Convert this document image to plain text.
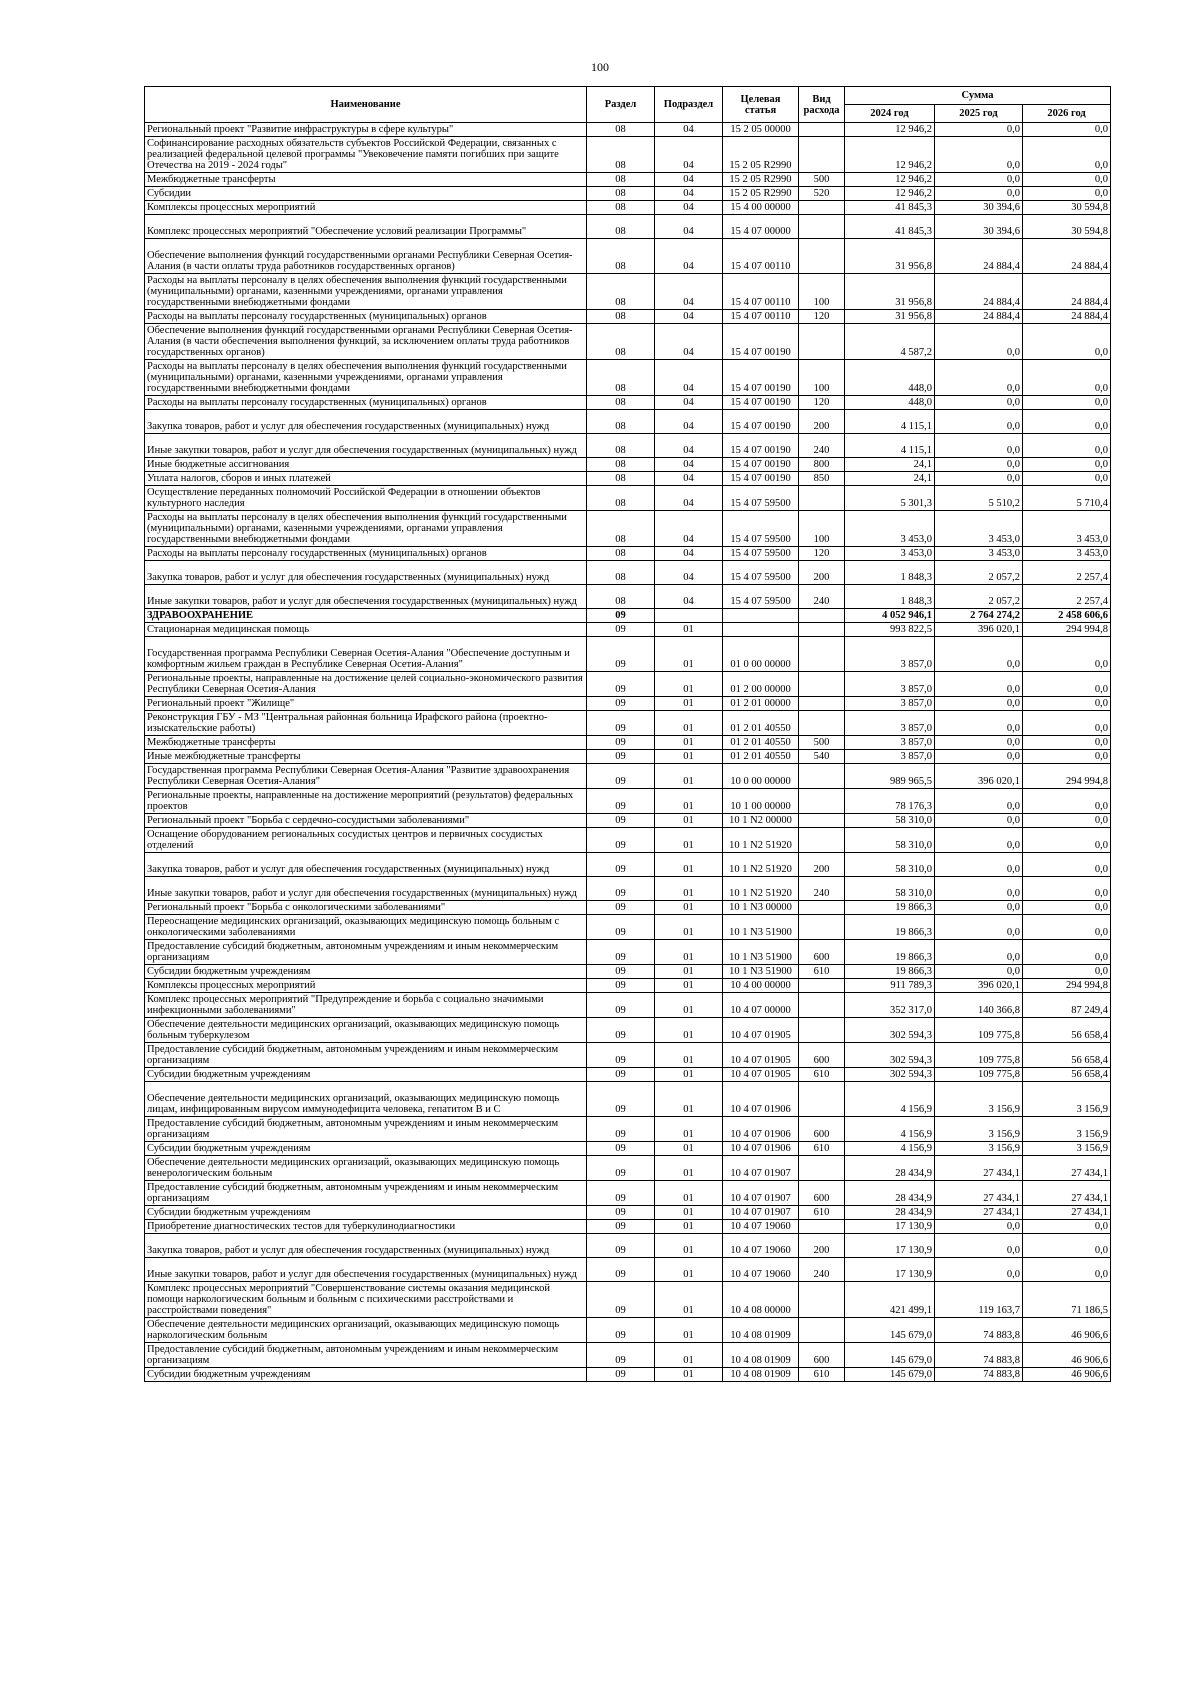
100
Наименование	Раздел	Подраздел	Целевая статья	Вид расхода	Сумма		
					2024 год	2025 год	2026 год
Региональный проект "Развитие инфраструктуры в сфере культуры"	08	04	15 2 05 00000		12 946,2	0,0	0,0
Софинансирование расходных обязательств субъектов Российской Федерации, связанных с реализацией федеральной целевой программы "Увековечение памяти погибших при защите Отечества на 2019 - 2024 годы"	08	04	15 2 05 R2990		12 946,2	0,0	0,0
Межбюджетные трансферты	08	04	15 2 05 R2990	500	12 946,2	0,0	0,0
Субсидии	08	04	15 2 05 R2990	520	12 946,2	0,0	0,0
Комплексы процессных мероприятий	08	04	15 4 00 00000		41 845,3	30 394,6	30 594,8
Комплекс процессных мероприятий "Обеспечение условий реализации Программы"	08	04	15 4 07 00000		41 845,3	30 394,6	30 594,8
Обеспечение выполнения функций государственными органами Республики Северная Осетия-Алания (в части оплаты труда работников государственных органов)	08	04	15 4 07 00110		31 956,8	24 884,4	24 884,4
Расходы на выплаты персоналу в целях обеспечения выполнения функций государственными (муниципальными) органами, казенными учреждениями, органами управления государственными внебюджетными фондами	08	04	15 4 07 00110	100	31 956,8	24 884,4	24 884,4
Расходы на выплаты персоналу государственных (муниципальных) органов	08	04	15 4 07 00110	120	31 956,8	24 884,4	24 884,4
Обеспечение выполнения функций государственными органами Республики Северная Осетия-Алания (в части обеспечения выполнения функций, за исключением оплаты труда работников государственных органов)	08	04	15 4 07 00190		4 587,2	0,0	0,0
Расходы на выплаты персоналу в целях обеспечения выполнения функций государственными (муниципальными) органами, казенными учреждениями, органами управления государственными внебюджетными фондами	08	04	15 4 07 00190	100	448,0	0,0	0,0
Расходы на выплаты персоналу государственных (муниципальных) органов	08	04	15 4 07 00190	120	448,0	0,0	0,0
Закупка товаров, работ и услуг для обеспечения государственных (муниципальных) нужд	08	04	15 4 07 00190	200	4 115,1	0,0	0,0
Иные закупки товаров, работ и услуг для обеспечения государственных (муниципальных) нужд	08	04	15 4 07 00190	240	4 115,1	0,0	0,0
Иные бюджетные ассигнования	08	04	15 4 07 00190	800	24,1	0,0	0,0
Уплата налогов, сборов и иных платежей	08	04	15 4 07 00190	850	24,1	0,0	0,0
Осуществление переданных полномочий Российской Федерации в отношении объектов культурного наследия	08	04	15 4 07 59500		5 301,3	5 510,2	5 710,4
Расходы на выплаты персоналу в целях обеспечения выполнения функций государственными (муниципальными) органами, казенными учреждениями, органами управления государственными внебюджетными фондами	08	04	15 4 07 59500	100	3 453,0	3 453,0	3 453,0
Расходы на выплаты персоналу государственных (муниципальных) органов	08	04	15 4 07 59500	120	3 453,0	3 453,0	3 453,0
Закупка товаров, работ и услуг для обеспечения государственных (муниципальных) нужд	08	04	15 4 07 59500	200	1 848,3	2 057,2	2 257,4
Иные закупки товаров, работ и услуг для обеспечения государственных (муниципальных) нужд	08	04	15 4 07 59500	240	1 848,3	2 057,2	2 257,4
ЗДРАВООХРАНЕНИЕ	09				4 052 946,1	2 764 274,2	2 458 606,6
Стационарная медицинская помощь	09	01			993 822,5	396 020,1	294 994,8
Государственная программа Республики Северная Осетия-Алания "Обеспечение доступным и комфортным жильем граждан в Республике Северная Осетия-Алания"	09	01	01 0 00 00000		3 857,0	0,0	0,0
Региональные проекты, направленные на достижение целей социально-экономического развития Республики Северная Осетия-Алания	09	01	01 2 00 00000		3 857,0	0,0	0,0
Региональный проект "Жилище"	09	01	01 2 01 00000		3 857,0	0,0	0,0
Реконструкция ГБУ - МЗ "Центральная районная больница Ирафского района (проектно-изыскательские работы)	09	01	01 2 01 40550		3 857,0	0,0	0,0
Межбюджетные трансферты	09	01	01 2 01 40550	500	3 857,0	0,0	0,0
Иные межбюджетные трансферты	09	01	01 2 01 40550	540	3 857,0	0,0	0,0
Государственная программа Республики Северная Осетия-Алания "Развитие здравоохранения Республики Северная Осетия-Алания"	09	01	10 0 00 00000		989 965,5	396 020,1	294 994,8
Региональные проекты, направленные на достижение мероприятий (результатов) федеральных проектов	09	01	10 1 00 00000		78 176,3	0,0	0,0
Региональный проект "Борьба с сердечно-сосудистыми заболеваниями"	09	01	10 1 N2 00000		58 310,0	0,0	0,0
Оснащение оборудованием региональных сосудистых центров и первичных сосудистых отделений	09	01	10 1 N2 51920		58 310,0	0,0	0,0
Закупка товаров, работ и услуг для обеспечения государственных (муниципальных) нужд	09	01	10 1 N2 51920	200	58 310,0	0,0	0,0
Иные закупки товаров, работ и услуг для обеспечения государственных (муниципальных) нужд	09	01	10 1 N2 51920	240	58 310,0	0,0	0,0
Региональный проект "Борьба с онкологическими заболеваниями"	09	01	10 1 N3 00000		19 866,3	0,0	0,0
Переоснащение медицинских организаций, оказывающих медицинскую помощь больным с онкологическими заболеваниями	09	01	10 1 N3 51900		19 866,3	0,0	0,0
Предоставление субсидий бюджетным, автономным учреждениям и иным некоммерческим организациям	09	01	10 1 N3 51900	600	19 866,3	0,0	0,0
Субсидии бюджетным учреждениям	09	01	10 1 N3 51900	610	19 866,3	0,0	0,0
Комплексы процессных мероприятий	09	01	10 4 00 00000		911 789,3	396 020,1	294 994,8
Комплекс процессных мероприятий "Предупреждение и борьба с социально значимыми инфекционными заболеваниями"	09	01	10 4 07 00000		352 317,0	140 366,8	87 249,4
Обеспечение деятельности медицинских организаций, оказывающих медицинскую помощь больным туберкулезом	09	01	10 4 07 01905		302 594,3	109 775,8	56 658,4
Предоставление субсидий бюджетным, автономным учреждениям и иным некоммерческим организациям	09	01	10 4 07 01905	600	302 594,3	109 775,8	56 658,4
Субсидии бюджетным учреждениям	09	01	10 4 07 01905	610	302 594,3	109 775,8	56 658,4
Обеспечение деятельности медицинских организаций, оказывающих медицинскую помощь лицам, инфицированным вирусом иммунодефицита человека, гепатитом В и С	09	01	10 4 07 01906		4 156,9	3 156,9	3 156,9
Предоставление субсидий бюджетным, автономным учреждениям и иным некоммерческим организациям	09	01	10 4 07 01906	600	4 156,9	3 156,9	3 156,9
Субсидии бюджетным учреждениям	09	01	10 4 07 01906	610	4 156,9	3 156,9	3 156,9
Обеспечение деятельности медицинских организаций, оказывающих медицинскую помощь венерологическим больным	09	01	10 4 07 01907		28 434,9	27 434,1	27 434,1
Предоставление субсидий бюджетным, автономным учреждениям и иным некоммерческим организациям	09	01	10 4 07 01907	600	28 434,9	27 434,1	27 434,1
Субсидии бюджетным учреждениям	09	01	10 4 07 01907	610	28 434,9	27 434,1	27 434,1
Приобретение диагностических тестов для туберкулинодиагностики	09	01	10 4 07 19060		17 130,9	0,0	0,0
Закупка товаров, работ и услуг для обеспечения государственных (муниципальных) нужд	09	01	10 4 07 19060	200	17 130,9	0,0	0,0
Иные закупки товаров, работ и услуг для обеспечения государственных (муниципальных) нужд	09	01	10 4 07 19060	240	17 130,9	0,0	0,0
Комплекс процессных мероприятий "Совершенствование системы оказания медицинской помощи наркологическим больным и больным с психическими расстройствами и расстройствами поведения"	09	01	10 4 08 00000		421 499,1	119 163,7	71 186,5
Обеспечение деятельности медицинских организаций, оказывающих медицинскую помощь наркологическим больным	09	01	10 4 08 01909		145 679,0	74 883,8	46 906,6
Предоставление субсидий бюджетным, автономным учреждениям и иным некоммерческим организациям	09	01	10 4 08 01909	600	145 679,0	74 883,8	46 906,6
Субсидии бюджетным учреждениям	09	01	10 4 08 01909	610	145 679,0	74 883,8	46 906,6
